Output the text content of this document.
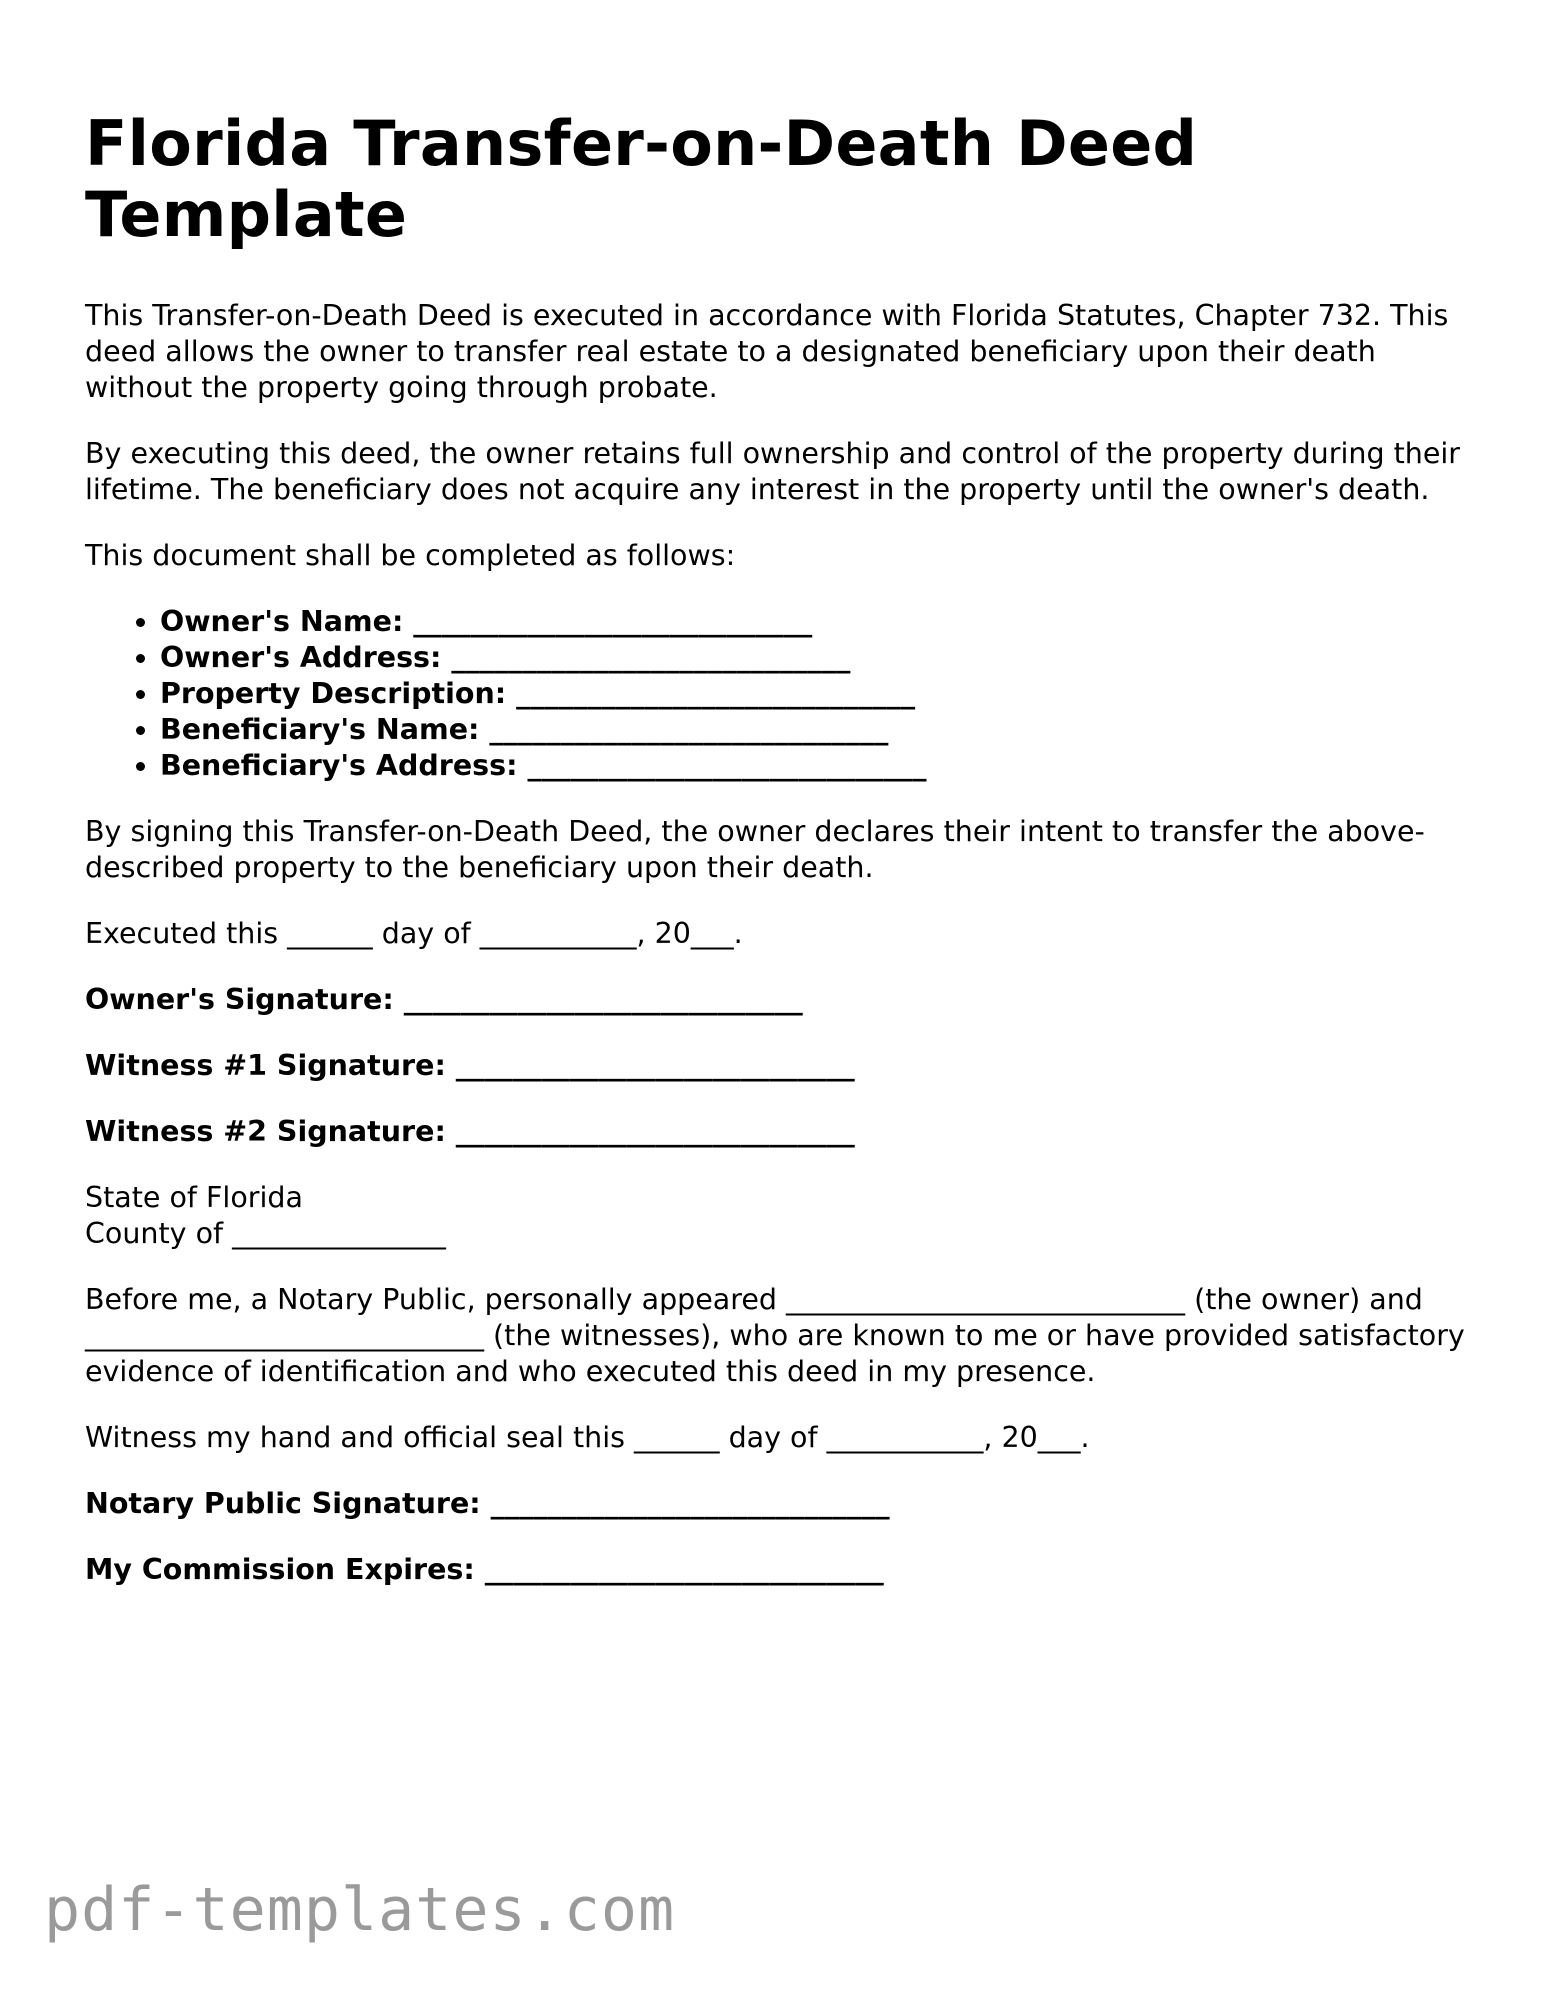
Florida Transfer-on-Death Deed Template

This Transfer-on-Death Deed is executed in accordance with Florida Statutes, Chapter 732. This deed allows the owner to transfer real estate to a designated beneficiary upon their death without the property going through probate.

By executing this deed, the owner retains full ownership and control of the property during their lifetime. The beneficiary does not acquire any interest in the property until the owner's death.

This document shall be completed as follows:

• Owner's Name: ____________________________
• Owner's Address: ____________________________
• Property Description: ____________________________
• Beneficiary's Name: ____________________________
• Beneficiary's Address: ____________________________

By signing this Transfer-on-Death Deed, the owner declares their intent to transfer the above-described property to the beneficiary upon their death.

Executed this ______ day of ___________, 20___.

Owner's Signature: ____________________________

Witness #1 Signature: ____________________________

Witness #2 Signature: ____________________________

State of Florida
County of _______________

Before me, a Notary Public, personally appeared ____________________________ (the owner) and ____________________________ (the witnesses), who are known to me or have provided satisfactory evidence of identification and who executed this deed in my presence.

Witness my hand and official seal this ______ day of ___________, 20___.

Notary Public Signature: ____________________________

My Commission Expires: ____________________________

pdf-templates.com
